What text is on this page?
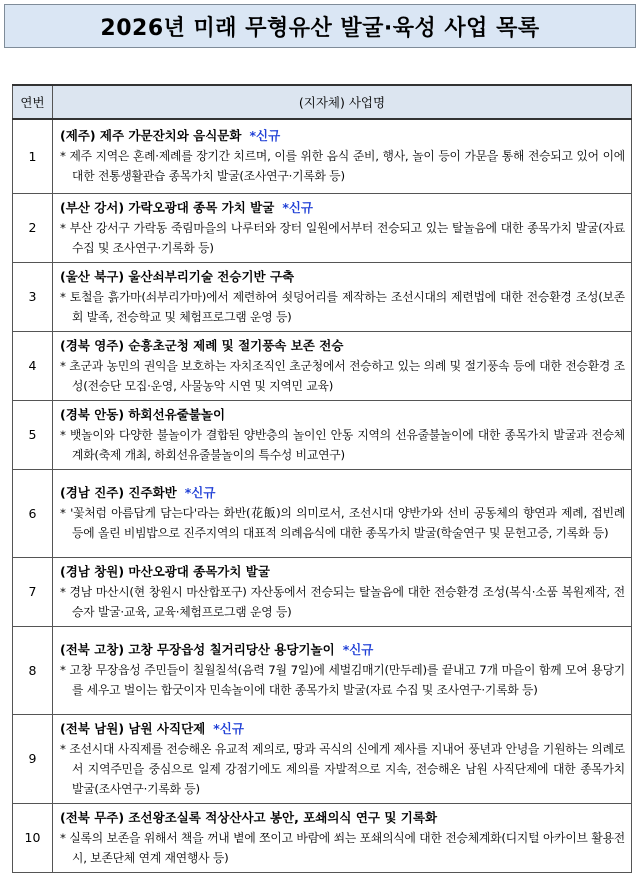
2026년 미래 무형유산 발굴·육성 사업 목록
연번	(지자체) 사업명
1	(제주) 제주 가문잔치와 음식문화 *신규
* 제주 지역은 혼례·제례를 장기간 치르며, 이를 위한 음식 준비, 행사, 놀이 등이 가문을 통해 전승되고 있어 이에 대한 전통생활관습 종목가치 발굴(조사연구·기록화 등)

2	(부산 강서) 가락오광대 종목 가치 발굴 *신규
* 부산 강서구 가락동 죽림마을의 나루터와 장터 일원에서부터 전승되고 있는 탈놀음에 대한 종목가치 발굴(자료 수집 및 조사연구·기록화 등)

3	(울산 북구) 울산쇠부리기술 전승기반 구축
* 토철을 흙가마(쇠부리가마)에서 제련하여 쇳덩어리를 제작하는 조선시대의 제련법에 대한 전승환경 조성(보존회 발족, 전승학교 및 체험프로그램 운영 등)

4	(경북 영주) 순흥초군청 제례 및 절기풍속 보존 전승
* 초군과 농민의 권익을 보호하는 자치조직인 초군청에서 전승하고 있는 의례 및 절기풍속 등에 대한 전승환경 조성(전승단 모집·운영, 사물농악 시연 및 지역민 교육)

5	(경북 안동) 하회선유줄불놀이
* 뱃놀이와 다양한 불놀이가 결합된 양반층의 놀이인 안동 지역의 선유줄불놀이에 대한 종목가치 발굴과 전승체계화(축제 개최, 하회선유줄불놀이의 특수성 비교연구)

6	(경남 진주) 진주화반 *신규
* '꽃처럼 아름답게 담는다'라는 화반(花飯)의 의미로서, 조선시대 양반가와 선비 공동체의 향연과 제례, 접빈례 등에 올린 비빔밥으로 진주지역의 대표적 의례음식에 대한 종목가치 발굴(학술연구 및 문헌고증, 기록화 등)

7	(경남 창원) 마산오광대 종목가치 발굴
* 경남 마산시(현 창원시 마산합포구) 자산동에서 전승되는 탈놀음에 대한 전승환경 조성(복식·소품 복원제작, 전승자 발굴·교육, 교육·체험프로그램 운영 등)

8	(전북 고창) 고창 무장읍성 칠거리당산 용당기놀이 *신규
* 고창 무장읍성 주민들이 칠월칠석(음력 7월 7일)에 세벌김매기(만두레)를 끝내고 7개 마을이 함께 모여 용당기를 세우고 벌이는 합굿이자 민속놀이에 대한 종목가치 발굴(자료 수집 및 조사연구·기록화 등)

9	(전북 남원) 남원 사직단제 *신규
* 조선시대 사직제를 전승해온 유교적 제의로, 땅과 곡식의 신에게 제사를 지내어 풍년과 안녕을 기원하는 의례로서 지역주민을 중심으로 일제 강점기에도 제의를 자발적으로 지속, 전승해온 남원 사직단제에 대한 종목가치 발굴(조사연구·기록화 등)

10	(전북 무주) 조선왕조실록 적상산사고 봉안, 포쇄의식 연구 및 기록화
* 실록의 보존을 위해서 책을 꺼내 볕에 쪼이고 바람에 쐬는 포쇄의식에 대한 전승체계화(디지털 아카이브 활용전시, 보존단체 연계 재연행사 등)
